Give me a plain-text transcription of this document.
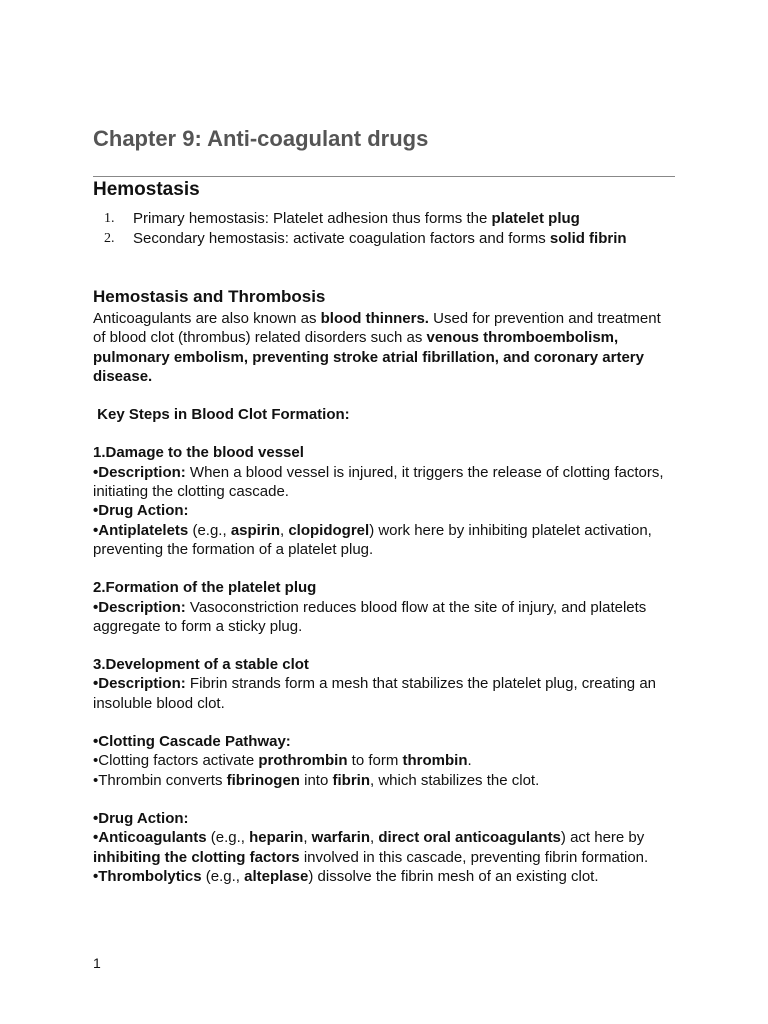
Chapter 9: Anti-coagulant drugs
Hemostasis
1.	Primary hemostasis: Platelet adhesion thus forms the platelet plug
2.	Secondary hemostasis: activate coagulation factors and forms solid fibrin
Hemostasis and Thrombosis

Anticoagulants are also known as blood thinners. Used for prevention and treatment of blood clot (thrombus) related disorders such as venous thromboembolism, pulmonary embolism, preventing stroke atrial fibrillation, and coronary artery disease.

Key Steps in Blood Clot Formation:

1.Damage to the blood vessel

•Description: When a blood vessel is injured, it triggers the release of clotting factors, initiating the clotting cascade.

•Drug Action:

•Antiplatelets (e.g., aspirin, clopidogrel) work here by inhibiting platelet activation, preventing the formation of a platelet plug.

2.Formation of the platelet plug

•Description: Vasoconstriction reduces blood flow at the site of injury, and platelets aggregate to form a sticky plug.

3.Development of a stable clot

•Description: Fibrin strands form a mesh that stabilizes the platelet plug, creating an insoluble blood clot.

•Clotting Cascade Pathway:

•Clotting factors activate prothrombin to form thrombin.

•Thrombin converts fibrinogen into fibrin, which stabilizes the clot.

•Drug Action:

•Anticoagulants (e.g., heparin, warfarin, direct oral anticoagulants) act here by inhibiting the clotting factors involved in this cascade, preventing fibrin formation.

•Thrombolytics (e.g., alteplase) dissolve the fibrin mesh of an existing clot.

1
